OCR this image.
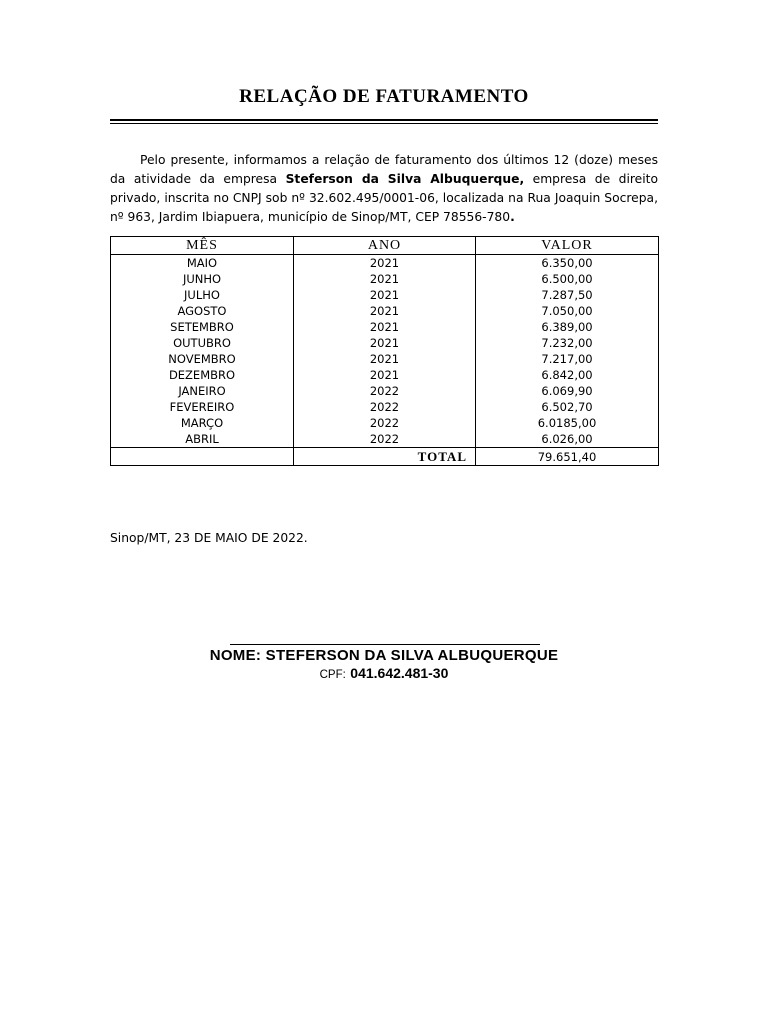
RELAÇÃO DE FATURAMENTO
Pelo presente, informamos a relação de faturamento dos últimos 12 (doze) meses da atividade da empresa Steferson da Silva Albuquerque, empresa de direito privado, inscrita no CNPJ sob nº 32.602.495/0001-06, localizada na Rua Joaquin Socrepa, nº 963, Jardim Ibiapuera, município de Sinop/MT, CEP 78556-780.
MÊS	ANO	VALOR
MAIO	2021	6.350,00
JUNHO	2021	6.500,00
JULHO	2021	7.287,50
AGOSTO	2021	7.050,00
SETEMBRO	2021	6.389,00
OUTUBRO	2021	7.232,00
NOVEMBRO	2021	7.217,00
DEZEMBRO	2021	6.842,00
JANEIRO	2022	6.069,90
FEVEREIRO	2022	6.502,70
MARÇO	2022	6.0185,00
ABRIL	2022	6.026,00
	TOTAL	79.651,40
Sinop/MT, 23 DE MAIO DE 2022.
NOME: STEFERSON DA SILVA ALBUQUERQUE
CPF: 041.642.481-30
